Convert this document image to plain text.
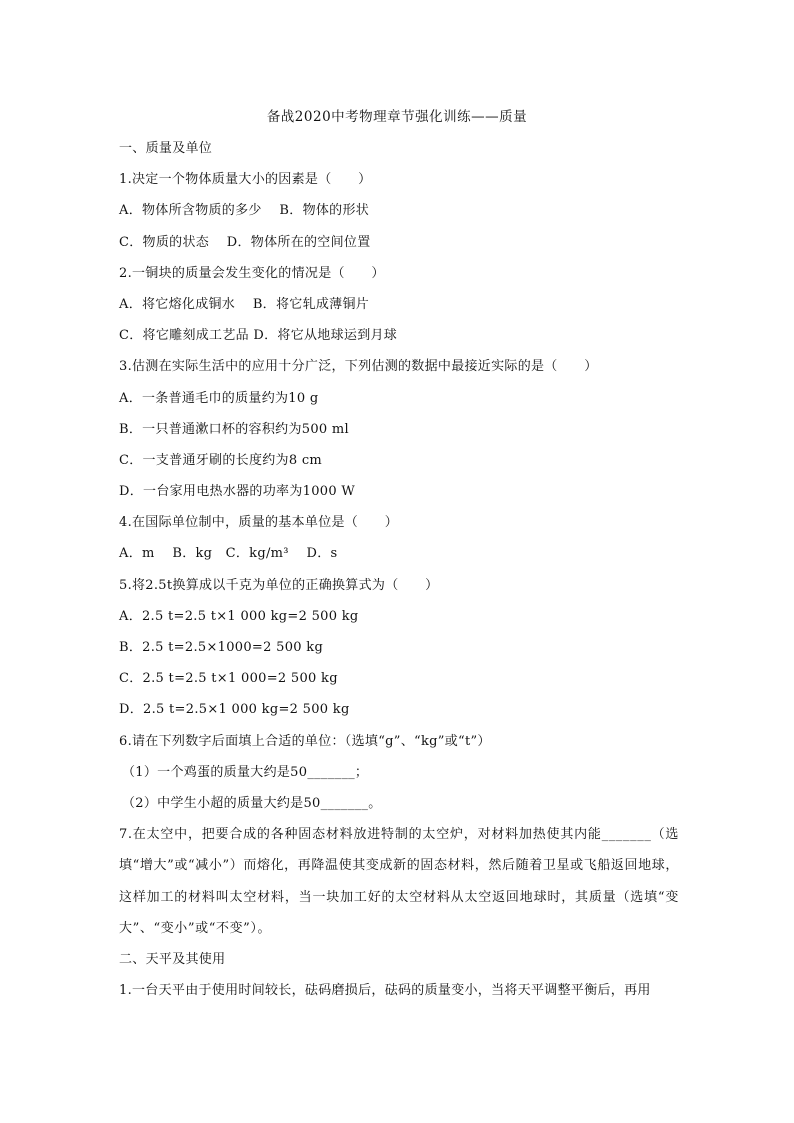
备战2020中考物理章节强化训练——质量
一、质量及单位
1.决定一个物体质量大小的因素是（　　）
A．物体所含物质的多少　 B．物体的形状
C．物质的状态　 D．物体所在的空间位置
2.一铜块的质量会发生变化的情况是（　　）
A．将它熔化成铜水　 B．将它轧成薄铜片
C．将它雕刻成工艺品 D．将它从地球运到月球
3.估测在实际生活中的应用十分广泛，下列估测的数据中最接近实际的是（　　）
A．一条普通毛巾的质量约为10 g
B．一只普通漱口杯的容积约为500 ml
C．一支普通牙刷的长度约为8 cm
D．一台家用电热水器的功率为1000 W
4.在国际单位制中，质量的基本单位是（　　）
A．m　 B．kg　C．kg/m³　 D．s
5.将2.5t换算成以千克为单位的正确换算式为（　　）
A．2.5 t=2.5 t×1 000 kg=2 500 kg
B．2.5 t=2.5×1000=2 500 kg
C．2.5 t=2.5 t×1 000=2 500 kg
D．2.5 t=2.5×1 000 kg=2 500 kg
6.请在下列数字后面填上合适的单位：（选填“g”、“kg”或“t”）
（1）一个鸡蛋的质量大约是50_______；
（2）中学生小超的质量大约是50_______。
7.在太空中，把要合成的各种固态材料放进特制的太空炉，对材料加热使其内能_______（选填“增大”或“减小”）而熔化，再降温使其变成新的固态材料，然后随着卫星或飞船返回地球，这样加工的材料叫太空材料，当一块加工好的太空材料从太空返回地球时，其质量（选填“变大”、“变小”或“不变”）。
二、天平及其使用
1.一台天平由于使用时间较长，砝码磨损后，砝码的质量变小，当将天平调整平衡后，再用
